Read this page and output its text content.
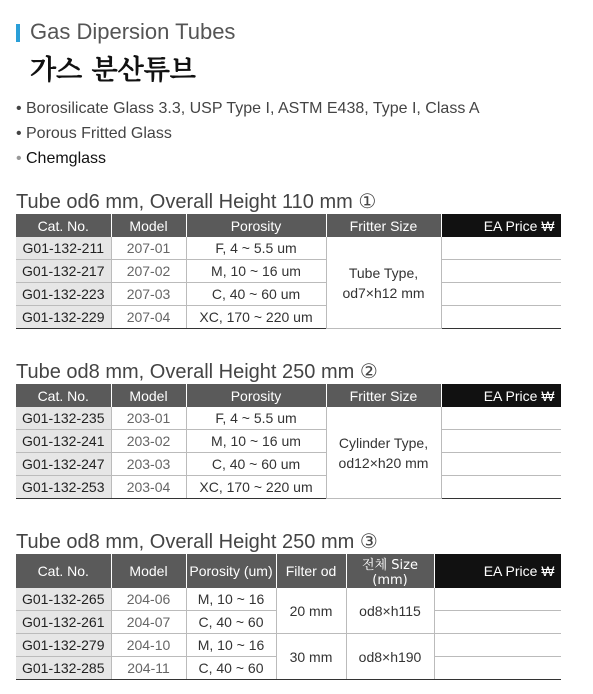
Gas Dipersion Tubes
가스 분산튜브
• Borosilicate Glass 3.3, USP Type I, ASTM E438, Type I, Class A
• Porous Fritted Glass
• Chemglass
Tube od6 mm, Overall Height 110 mm ①
Cat. No.	Model	Porosity	Fritter Size	EA Price ₩
G01-132-211	207-01	F, 4 ~ 5.5 um	Tube Type,
od7×h12 mm	
G01-132-217	207-02	M, 10 ~ 16 um		
G01-132-223	207-03	C, 40 ~ 60 um		
G01-132-229	207-04	XC, 170 ~ 220 um		
Tube od8 mm, Overall Height 250 mm ②
Cat. No.	Model	Porosity	Fritter Size	EA Price ₩
G01-132-235	203-01	F, 4 ~ 5.5 um	Cylinder Type,
od12×h20 mm	
G01-132-241	203-02	M, 10 ~ 16 um		
G01-132-247	203-03	C, 40 ~ 60 um		
G01-132-253	203-04	XC, 170 ~ 220 um		
Tube od8 mm, Overall Height 250 mm ③
Cat. No.	Model	Porosity (um)	Filter od	전체 Size (mm)	EA Price ₩
G01-132-265	204-06	M, 10 ~ 16	20 mm	od8×h115	
G01-132-261	204-07	C, 40 ~ 60			
G01-132-279	204-10	M, 10 ~ 16	30 mm	od8×h190	
G01-132-285	204-11	C, 40 ~ 60			
